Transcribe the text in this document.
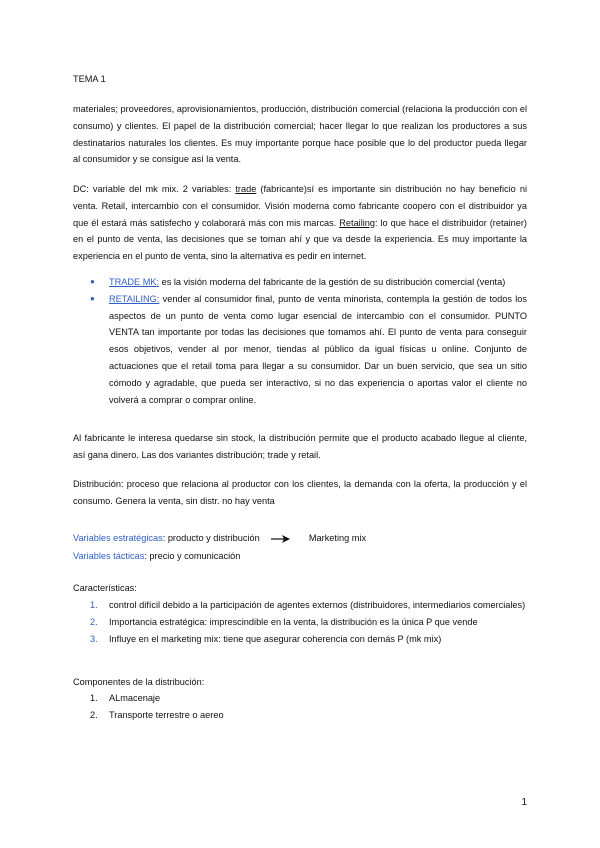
TEMA 1
materiales; proveedores, aprovisionamientos, producción, distribución comercial (relaciona la producción con el consumo) y clientes. El papel de la distribución comercial; hacer llegar lo que realizan los productores a sus destinatarios naturales los clientes. Es muy importante porque hace posible que lo del productor pueda llegar al consumidor y se consigue así la venta.
DC: variable del mk mix. 2 variables: trade (fabricante)sí es importante sin distribución no hay beneficio ni venta. Retail, intercambio con el consumidor. Visión moderna como fabricante coopero con el distribuidor ya que él estará más satisfecho y colaborará más con mis marcas. Retailing: lo que hace el distribuidor (retainer) en el punto de venta, las decisiones que se toman ahí y que va desde la experiencia. Es muy importante la experiencia en el punto de venta, sino la alternativa es pedir en internet.
● TRADE MK: es la visión moderna del fabricante de la gestión de su distribución comercial (venta)
● RETAILING: vender al consumidor final, punto de venta minorista, contempla la gestión de todos los aspectos de un punto de venta como lugar esencial de intercambio con el consumidor. PUNTO VENTA tan importante por todas las decisiones que tomamos ahí. El punto de venta para conseguir esos objetivos, vender al por menor, tiendas al público da igual físicas u online. Conjunto de actuaciones que el retail toma para llegar a su consumidor. Dar un buen servicio, que sea un sitio cómodo y agradable, que pueda ser interactivo, si no das experiencia o aportas valor el cliente no volverá a comprar o comprar online.
Al fabricante le interesa quedarse sin stock, la distribución permite que el producto acabado llegue al cliente, así gana dinero. Las dos variantes distribución; trade y retail.
Distribución: proceso que relaciona al productor con los clientes, la demanda con la oferta, la producción y el consumo. Genera la venta, sin distr. no hay venta
Variables estratégicas: producto y distribución	Marketing mix
Variables tácticas: precio y comunicación
Características:
1. control difícil debido a la participación de agentes externos (distribuidores, intermediarios comerciales)
2. Importancia estratégica: imprescindible en la venta, la distribución es la única P que vende
3. Influye en el marketing mix: tiene que asegurar coherencia con demás P (mk mix)
Componentes de la distribución:
1. ALmacenaje
2. Transporte terrestre o aereo
1
